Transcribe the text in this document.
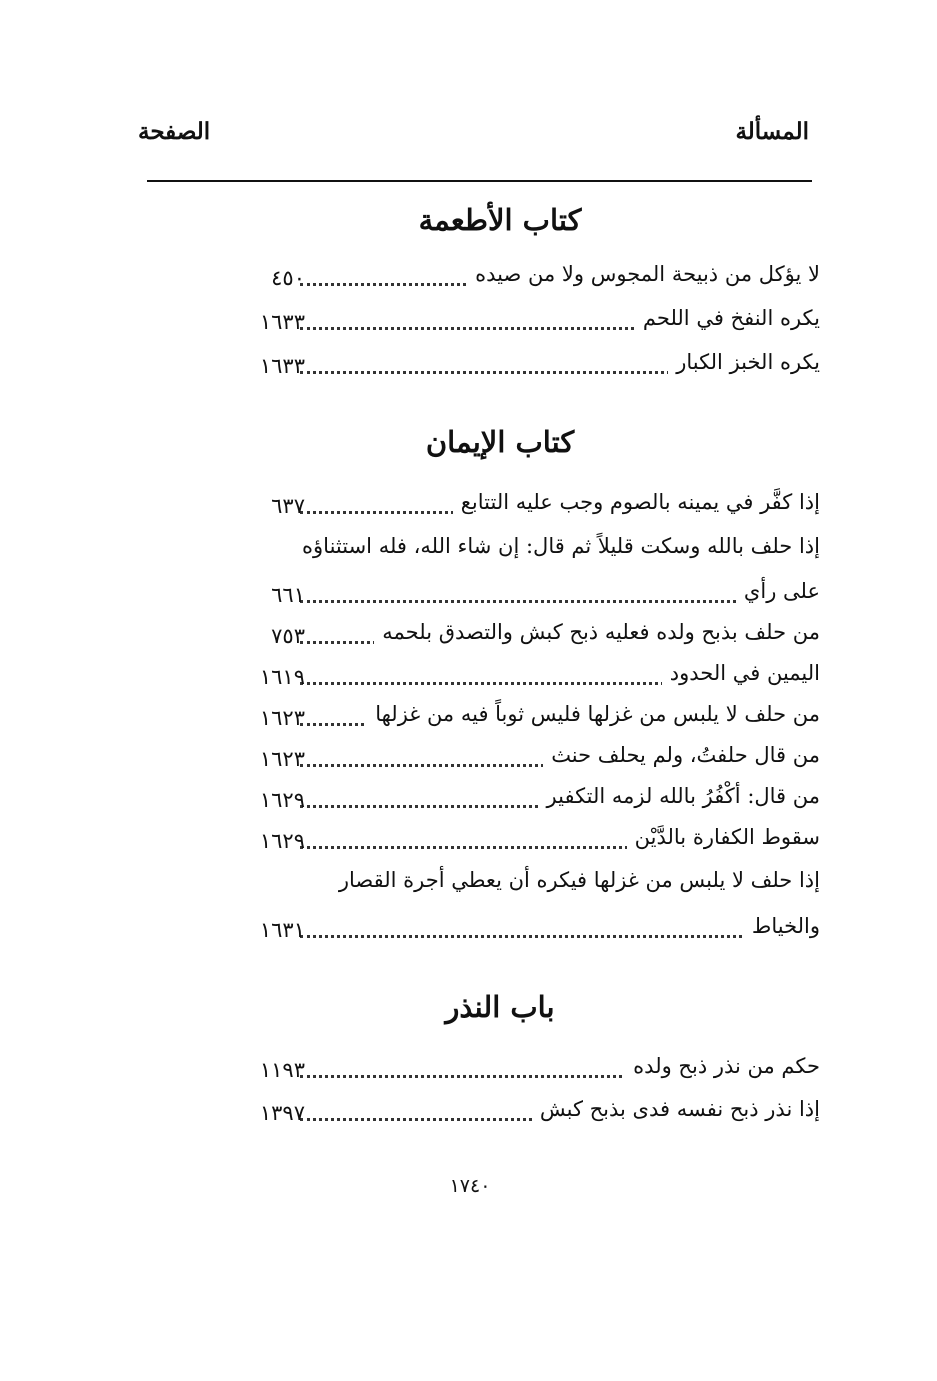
المسألة
الصفحة
كتاب الأطعمة
لا يؤكل من ذبيحة المجوس ولا من صيده
٤٥٠
يكره النفخ في اللحم
١٦٣٣
يكره الخبز الكبار
١٦٣٣
كتاب الإيمان
إذا كفَّر في يمينه بالصوم وجب عليه التتابع
٦٣٧
إذا حلف بالله وسكت قليلاً ثم قال: إن شاء الله، فله استثناؤه
على رأي
٦٦١
من حلف بذبح ولده فعليه ذبح كبش والتصدق بلحمه
٧٥٣
اليمين في الحدود
١٦١٩
من حلف لا يلبس من غزلها فليس ثوباً فيه من غزلها
١٦٢٣
من قال حلفتُ، ولم يحلف حنث
١٦٢٣
من قال: أكْفُرُ بالله لزمه التكفير
١٦٢٩
سقوط الكفارة بالدَّيْن
١٦٢٩
إذا حلف لا يلبس من غزلها فيكره أن يعطي أجرة القصار
والخياط
١٦٣١
باب النذر
حكم من نذر ذبح ولده
١١٩٣
إذا نذر ذبح نفسه فدى بذبح كبش
١٣٩٧
١٧٤٠
